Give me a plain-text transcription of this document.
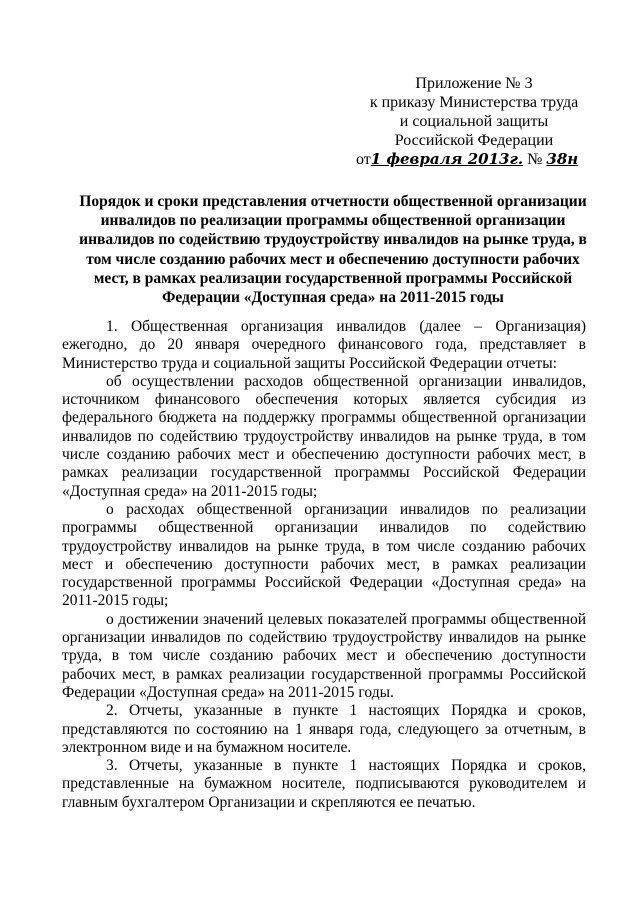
Приложение № 3
к приказу Министерства труда
и социальной защиты
Российской Федерации
от1 февраля 2013г. № 38н
Порядок и сроки представления отчетности общественной организации инвалидов по реализации программы общественной организации инвалидов по содействию трудоустройству инвалидов на рынке труда, в том числе созданию рабочих мест и обеспечению доступности рабочих мест, в рамках реализации государственной программы Российской Федерации «Доступная среда» на 2011-2015 годы

1. Общественная организация инвалидов (далее – Организация) ежегодно, до 20 января очередного финансового года, представляет в Министерство труда и социальной защиты Российской Федерации отчеты:

об осуществлении расходов общественной организации инвалидов, источником финансового обеспечения которых является субсидия из федерального бюджета на поддержку программы общественной организации инвалидов по содействию трудоустройству инвалидов на рынке труда, в том числе созданию рабочих мест и обеспечению доступности рабочих мест, в рамках реализации государственной программы Российской Федерации «Доступная среда» на 2011-2015 годы;

о расходах общественной организации инвалидов по реализации программы общественной организации инвалидов по содействию трудоустройству инвалидов на рынке труда, в том числе созданию рабочих мест и обеспечению доступности рабочих мест, в рамках реализации государственной программы Российской Федерации «Доступная среда» на 2011-2015 годы;

о достижении значений целевых показателей программы общественной организации инвалидов по содействию трудоустройству инвалидов на рынке труда, в том числе созданию рабочих мест и обеспечению доступности рабочих мест, в рамках реализации государственной программы Российской Федерации «Доступная среда» на 2011-2015 годы.

2. Отчеты, указанные в пункте 1 настоящих Порядка и сроков, представляются по состоянию на 1 января года, следующего за отчетным, в электронном виде и на бумажном носителе.

3. Отчеты, указанные в пункте 1 настоящих Порядка и сроков, представленные на бумажном носителе, подписываются руководителем и главным бухгалтером Организации и скрепляются ее печатью.
